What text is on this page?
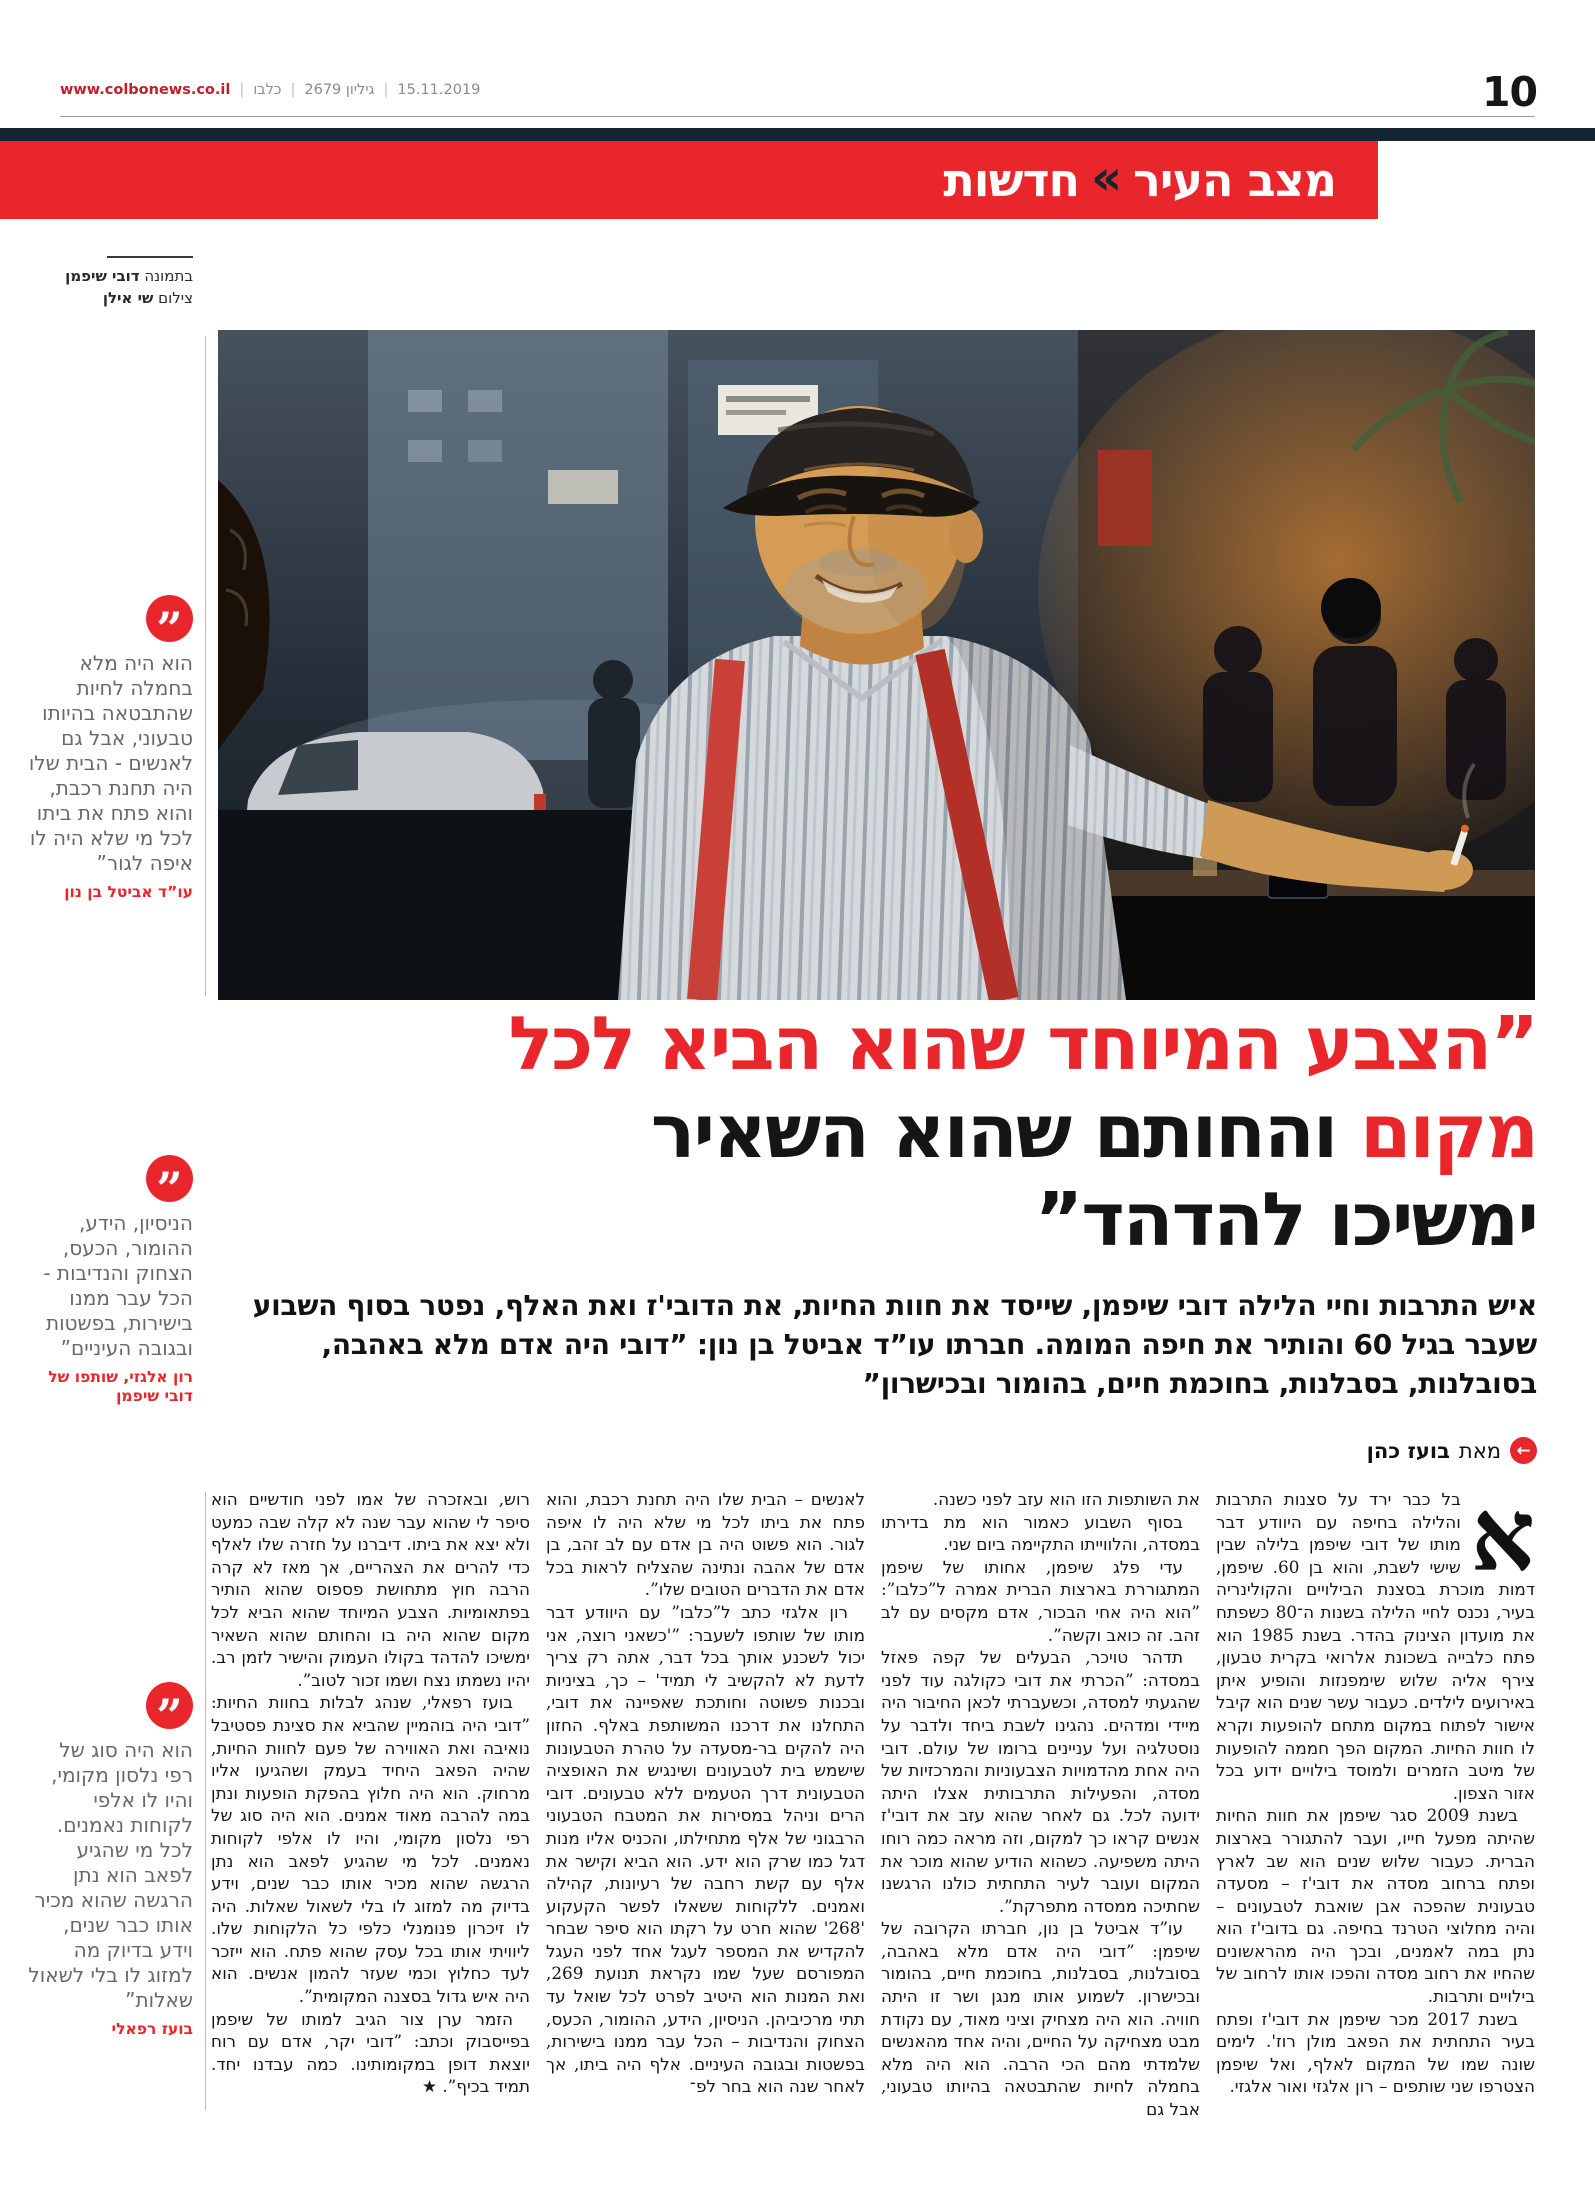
www.colbonews.co.il | כלבו | גיליון 2679 | 15.11.2019	10
מצב העיר
«
חדשות
בתמונה דובי שיפמן
צילום שי אילן
”
הוא היה מלא בחמלה לחיות שהתבטאה בהיותו טבעוני, אבל גם לאנשים - הבית שלו היה תחנת רכבת, והוא פתח את ביתו לכל מי שלא היה לו איפה לגור”
עו”ד אביטל בן נון
”
הניסיון, הידע, ההומור, הכעס, הצחוק והנדיבות - הכל עבר ממנו בישירות, בפשטות ובגובה העיניים”
רון אלגזי, שותפו של דובי שיפמן
”
הוא היה סוג של רפי נלסון מקומי, והיו לו אלפי לקוחות נאמנים. לכל מי שהגיע לפאב הוא נתן הרגשה שהוא מכיר אותו כבר שנים, וידע בדיוק מה למזוג לו בלי לשאול שאלות”
בועז רפאלי
”הצבע המיוחד שהוא הביא לכל
מקום והחותם שהוא השאיר
ימשיכו להדהד”
איש התרבות וחיי הלילה דובי שיפמן, שייסד את חוות החיות, את הדובי'ז ואת האלף, נפטר בסוף השבוע שעבר בגיל 60 והותיר את חיפה המומה. חברתו עו”ד אביטל בן נון: ”דובי היה אדם מלא באהבה, בסובלנות, בסבלנות, בחוכמת חיים, בהומור ובכישרון”
←
מאת
בועז כהן

א
בל כבר ירד על סצנות התרבות והלילה בחיפה עם היוודע דבר מותו של דובי שיפמן בלילה שבין שישי לשבת, והוא בן 60. שיפמן, דמות מוכרת בסצנת הבילויים והקולינריה בעיר, נכנס לחיי הלילה בשנות ה־80 כשפתח את מועדון הצינוק בהדר. בשנת 1985 הוא פתח כלבייה בשכונת אלרואי בקרית טבעון, צירף אליה שלוש שימפנזות והופיע איתן באירועים לילדים. כעבור עשר שנים הוא קיבל אישור לפתוח במקום מתחם להופעות וקרא לו חוות החיות. המקום הפך חממה להופעות של מיטב הזמרים ולמוסד בילויים ידוע בכל אזור הצפון.

בשנת 2009 סגר שיפמן את חוות החיות שהיתה מפעל חייו, ועבר להתגורר בארצות הברית. כעבור שלוש שנים הוא שב לארץ ופתח ברחוב מסדה את דובי'ז – מסעדה טבעונית שהפכה אבן שואבת לטבעונים – והיה מחלוצי הטרנד בחיפה. גם בדובי'ז הוא נתן במה לאמנים, ובכך היה מהראשונים שהחיו את רחוב מסדה והפכו אותו לרחוב של בילויים ותרבות.

בשנת 2017 מכר שיפמן את דובי'ז ופתח בעיר התחתית את הפאב מולן רוז'. לימים שונה שמו של המקום לאלף, ואל שיפמן הצטרפו שני שותפים – רון אלגזי ואור אלגזי.

את השותפות הזו הוא עזב לפני כשנה.

בסוף השבוע כאמור הוא מת בדירתו במסדה, והלווייתו התקיימה ביום שני.

עדי פלג שיפמן, אחותו של שיפמן המתגוררת בארצות הברית אמרה ל”כלבו”: ”הוא היה אחי הבכור, אדם מקסים עם לב זהב. זה כואב וקשה”.

תדהר טויכר, הבעלים של קפה פאזל במסדה: ”הכרתי את דובי כקולגה עוד לפני שהגעתי למסדה, וכשעברתי לכאן החיבור היה מיידי ומדהים. נהגינו לשבת ביחד ולדבר על נוסטלגיה ועל עניינים ברומו של עולם. דובי היה אחת מהדמויות הצבעוניות והמרכזיות של מסדה, והפעילות התרבותית אצלו היתה ידועה לכל. גם לאחר שהוא עזב את דובי'ז אנשים קראו כך למקום, וזה מראה כמה רוחו היתה משפיעה. כשהוא הודיע שהוא מוכר את המקום ועובר לעיר התחתית כולנו הרגשנו שחתיכה ממסדה מתפרקת”.

עו”ד אביטל בן נון, חברתו הקרובה של שיפמן: ”דובי היה אדם מלא באהבה, בסובלנות, בסבלנות, בחוכמת חיים, בהומור ובכישרון. לשמוע אותו מנגן ושר זו היתה חוויה. הוא היה מצחיק וציני מאוד, עם נקודת מבט מצחיקה על החיים, והיה אחד מהאנשים שלמדתי מהם הכי הרבה. הוא היה מלא בחמלה לחיות שהתבטאה בהיותו טבעוני, אבל גם

לאנשים – הבית שלו היה תחנת רכבת, והוא פתח את ביתו לכל מי שלא היה לו איפה לגור. הוא פשוט היה בן אדם עם לב זהב, בן אדם של אהבה ונתינה שהצליח לראות בכל אדם את הדברים הטובים שלו”.

רון אלגזי כתב ל”כלבו” עם היוודע דבר מותו של שותפו לשעבר: ”'כשאני רוצה, אני יכול לשכנע אותך בכל דבר, אתה רק צריך לדעת לא להקשיב לי תמיד' – כך, בציניות ובכנות פשוטה וחותכת שאפיינה את דובי, התחלנו את דרכנו המשותפת באלף. החזון היה להקים בר-מסעדה על טהרת הטבעונות שישמש בית לטבעונים ושינגיש את האופציה הטבעונית דרך הטעמים ללא טבעונים. דובי הרים וניהל במסירות את המטבח הטבעוני הרבגוני של אלף מתחילתו, והכניס אליו מנות דגל כמו שרק הוא ידע. הוא הביא וקישר את אלף עם קשת רחבה של רעיונות, קהילה ואמנים. ללקוחות ששאלו לפשר הקעקוע '268' שהוא חרט על רקתו הוא סיפר שבחר להקדיש את המספר לעגל אחד לפני העגל המפורסם שעל שמו נקראת תנועת 269, ואת המנות הוא היטיב לפרט לכל שואל עד תתי מרכיביהן. הניסיון, הידע, ההומור, הכעס, הצחוק והנדיבות – הכל עבר ממנו בישירות, בפשטות ובגובה העיניים. אלף היה ביתו, אך לאחר שנה הוא בחר לפ־

רוש, ובאזכרה של אמו לפני חודשיים הוא סיפר לי שהוא עבר שנה לא קלה שבה כמעט ולא יצא את ביתו. דיברנו על חזרה שלו לאלף כדי להרים את הצהריים, אך מאז לא קרה הרבה חוץ מתחושת פספוס שהוא הותיר בפתאומיות. הצבע המיוחד שהוא הביא לכל מקום שהוא היה בו והחותם שהוא השאיר ימשיכו להדהד בקולו העמוק והישיר לזמן רב. יהיו נשמתו נצח ושמו זכור לטוב”.

בועז רפאלי, שנהג לבלות בחוות החיות: ”דובי היה בוהמיין שהביא את סצינת פסטיבל נואיבה ואת האווירה של פעם לחוות החיות, שהיה הפאב היחיד בעמק ושהגיעו אליו מרחוק. הוא היה חלוץ בהפקת הופעות ונתן במה להרבה מאוד אמנים. הוא היה סוג של רפי נלסון מקומי, והיו לו אלפי לקוחות נאמנים. לכל מי שהגיע לפאב הוא נתן הרגשה שהוא מכיר אותו כבר שנים, וידע בדיוק מה למזוג לו בלי לשאול שאלות. היה לו זיכרון פנומנלי כלפי כל הלקוחות שלו. ליוויתי אותו בכל עסק שהוא פתח. הוא ייזכר לעד כחלוץ וכמי שעזר להמון אנשים. הוא היה איש גדול בסצנה המקומית”.

הזמר ערן צור הגיב למותו של שיפמן בפייסבוק וכתב: ”דובי יקר, אדם עם רוח יוצאת דופן במקומותינו. כמה עבדנו יחד. תמיד בכיף”. ★
